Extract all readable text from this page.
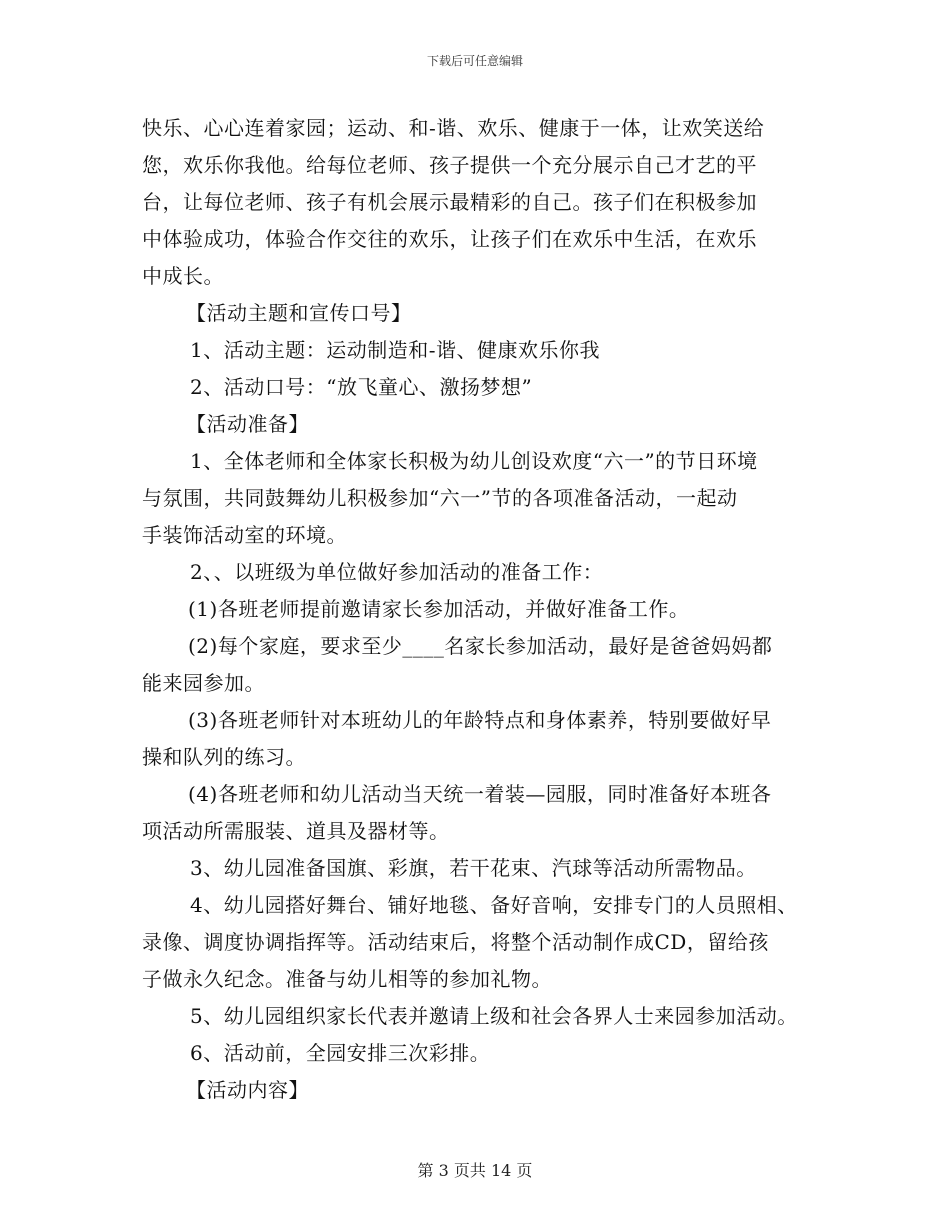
下载后可任意编辑
快乐、心心连着家园；运动、和-谐、欢乐、健康于一体，让欢笑送给
您，欢乐你我他。给每位老师、孩子提供一个充分展示自己才艺的平
台，让每位老师、孩子有机会展示最精彩的自己。孩子们在积极参加
中体验成功，体验合作交往的欢乐，让孩子们在欢乐中生活，在欢乐
中成长。
【活动主题和宣传口号】
1、活动主题：运动制造和-谐、健康欢乐你我
2、活动口号：“放飞童心、激扬梦想”
【活动准备】
1、全体老师和全体家长积极为幼儿创设欢度“六一”的节日环境
与氛围，共同鼓舞幼儿积极参加“六一”节的各项准备活动，一起动
手装饰活动室的环境。
2、、以班级为单位做好参加活动的准备工作：
(1)各班老师提前邀请家长参加活动，并做好准备工作。
(2)每个家庭，要求至少____名家长参加活动，最好是爸爸妈妈都
能来园参加。
(3)各班老师针对本班幼儿的年龄特点和身体素养，特别要做好早
操和队列的练习。
(4)各班老师和幼儿活动当天统一着装—园服，同时准备好本班各
项活动所需服装、道具及器材等。
3、幼儿园准备国旗、彩旗，若干花束、汽球等活动所需物品。
4、幼儿园搭好舞台、铺好地毯、备好音响，安排专门的人员照相、
录像、调度协调指挥等。活动结束后，将整个活动制作成CD，留给孩
子做永久纪念。准备与幼儿相等的参加礼物。
5、幼儿园组织家长代表并邀请上级和社会各界人士来园参加活动。
6、活动前，全园安排三次彩排。
【活动内容】
第 3 页共 14 页
